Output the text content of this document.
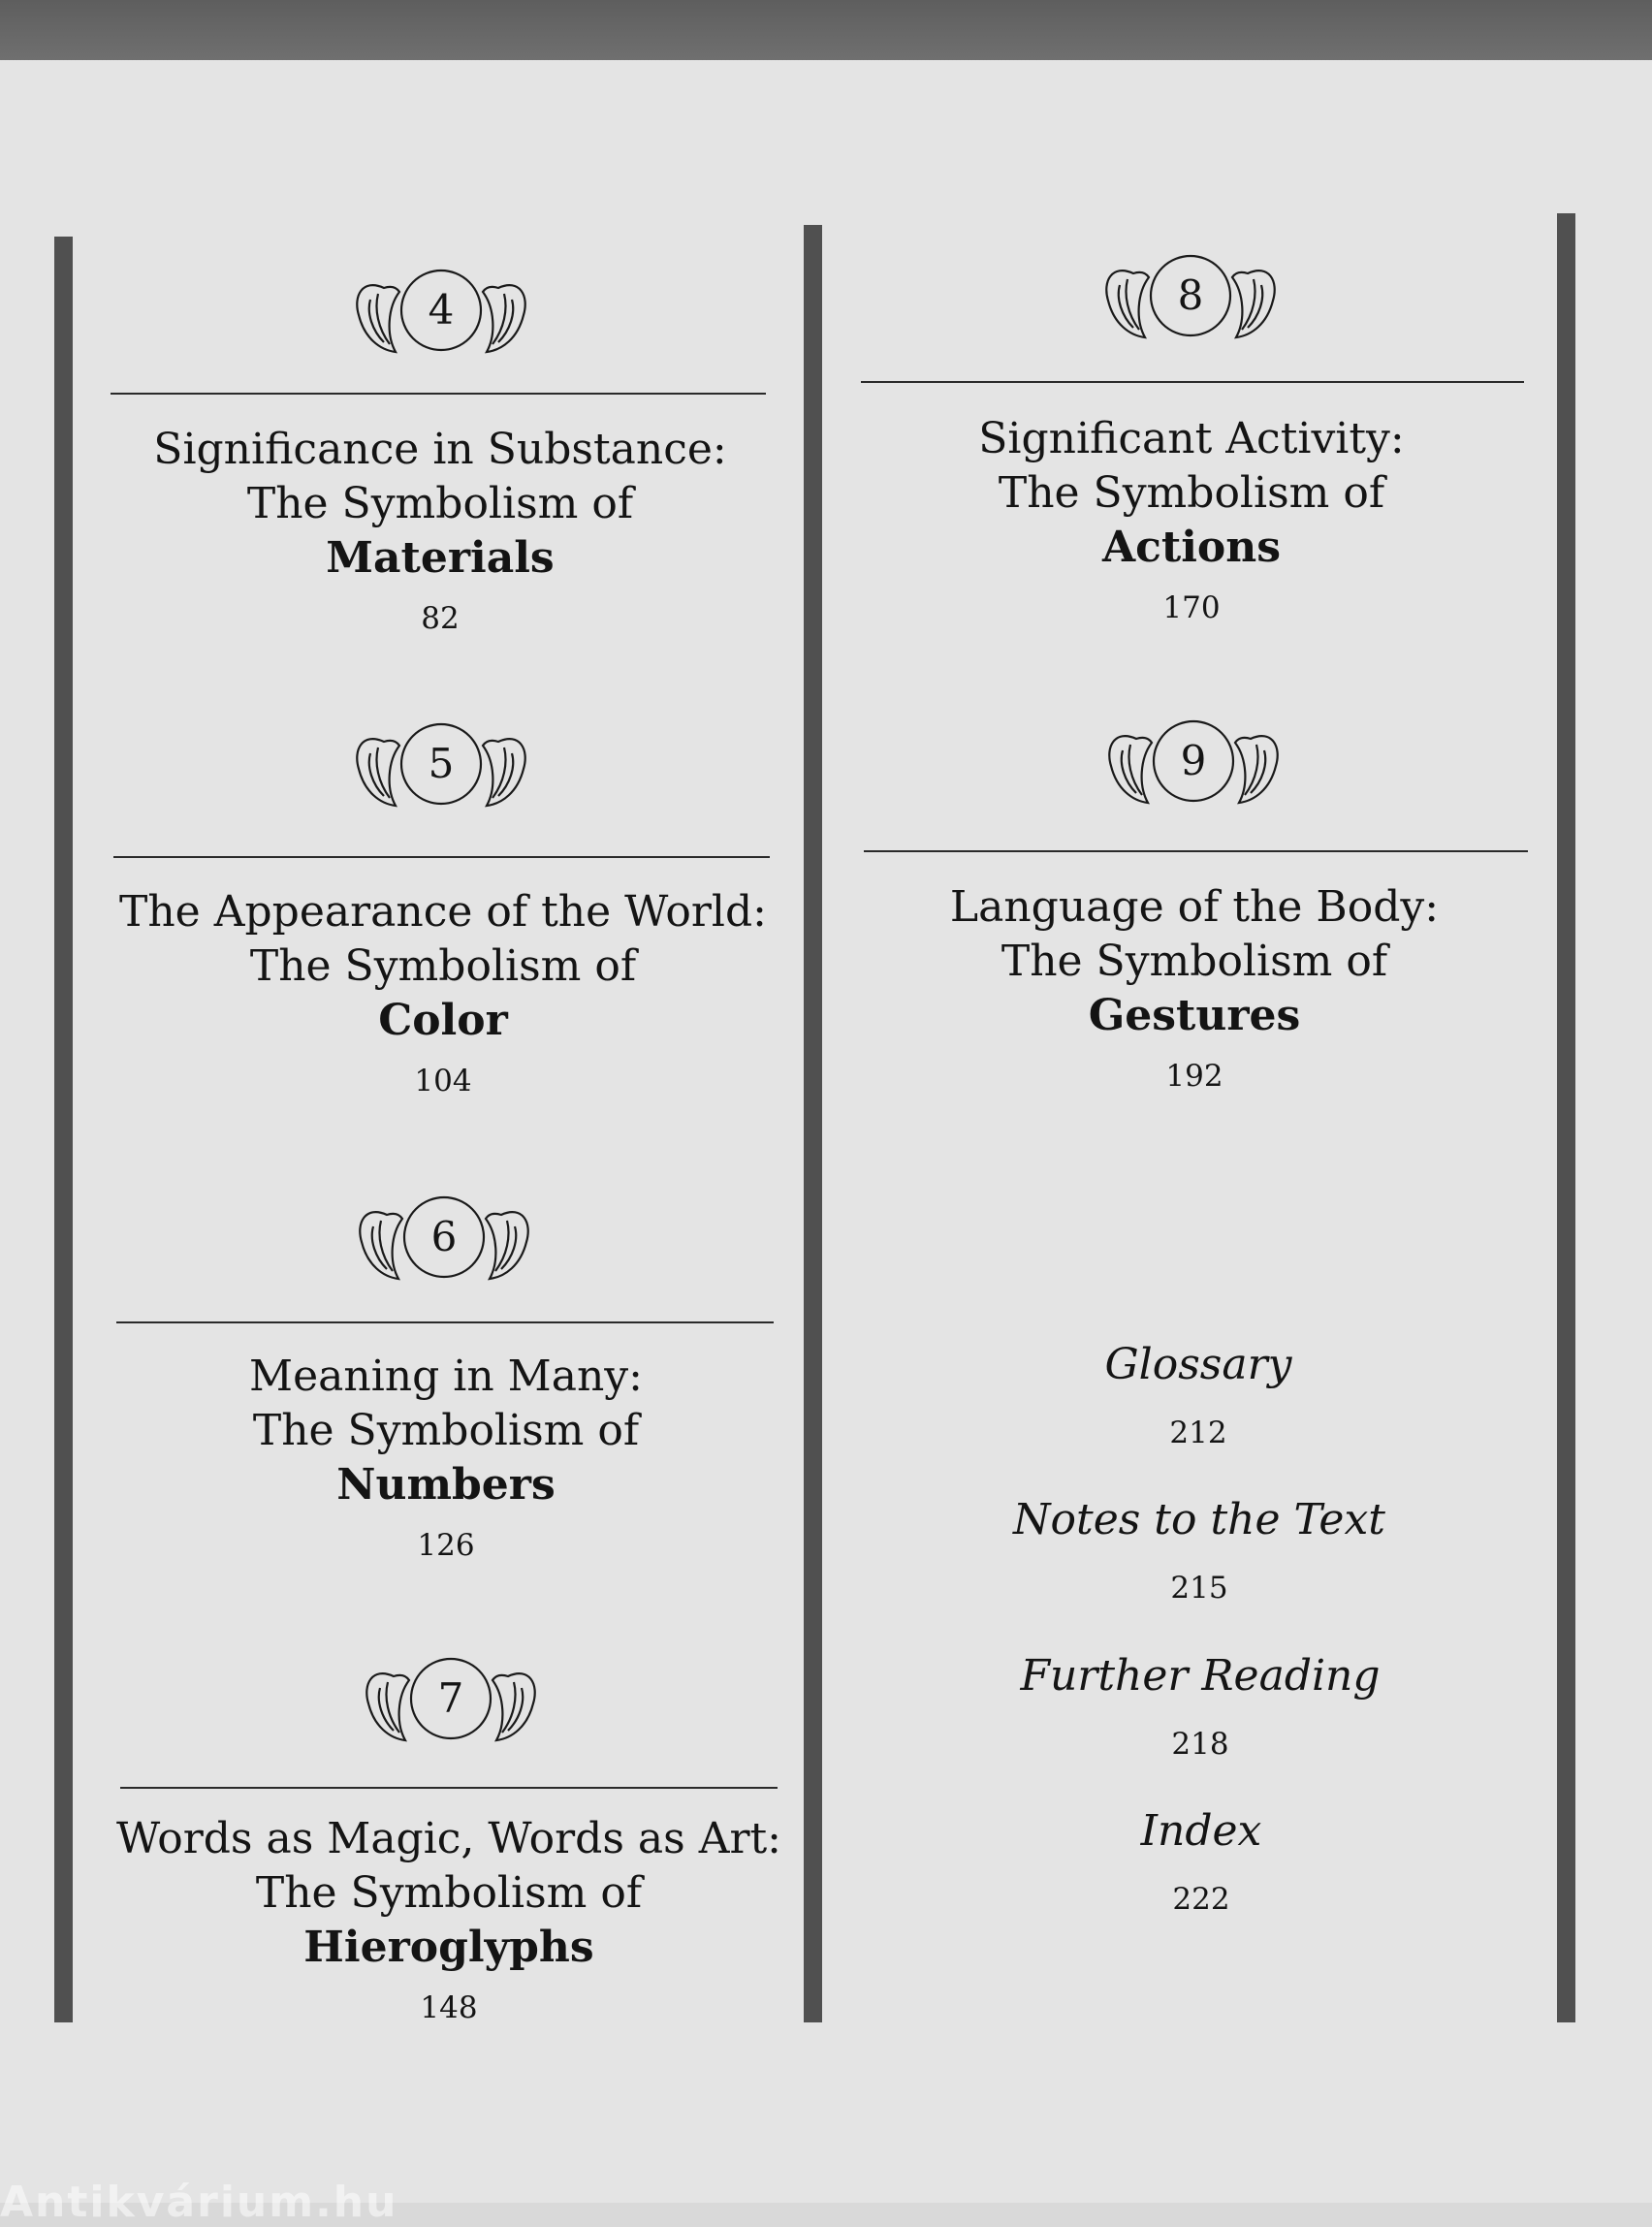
4
5
6
7
8
9
Significance in Substance:
The Symbolism of
Materials
82
The Appearance of the World:
The Symbolism of
Color
104
Meaning in Many:
The Symbolism of
Numbers
126
Words as Magic, Words as Art:
The Symbolism of
Hieroglyphs
148
Significant Activity:
The Symbolism of
Actions
170
Language of the Body:
The Symbolism of
Gestures
192
Glossary
212
Notes to the Text
215
Further Reading
218
Index
222
Antikvárium.hu
